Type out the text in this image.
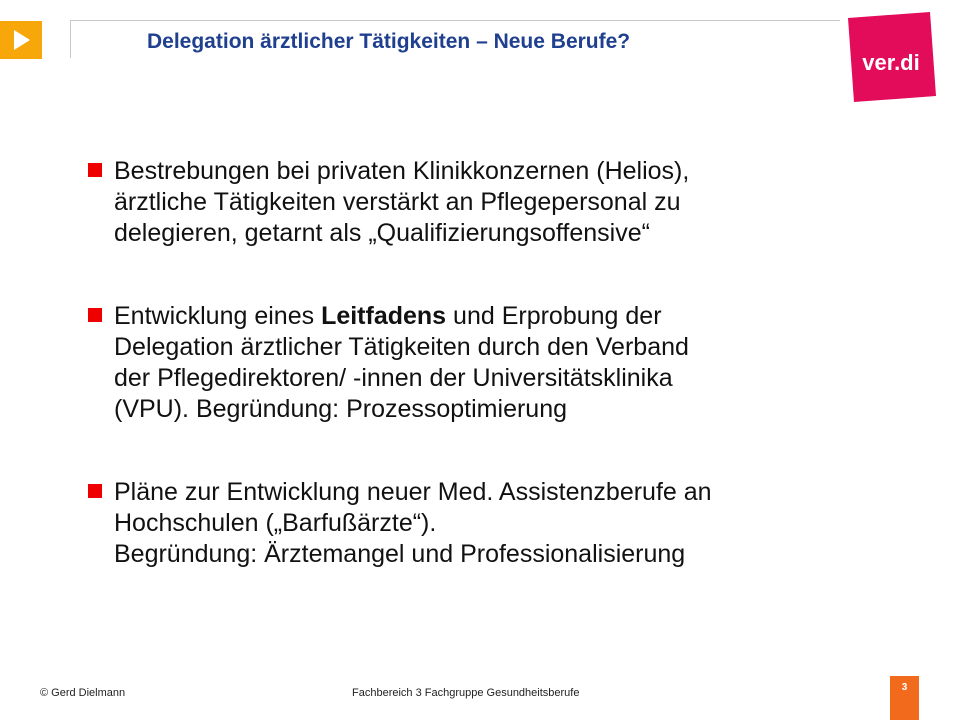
Delegation ärztlicher Tätigkeiten – Neue Berufe?
ver.di
Bestrebungen bei privaten Klinikkonzernen (Helios),
ärztliche Tätigkeiten verstärkt an Pflegepersonal zu
delegieren, getarnt als „Qualifizierungsoffensive“
Entwicklung eines Leitfadens und Erprobung der
Delegation ärztlicher Tätigkeiten durch den Verband
der Pflegedirektoren/ -innen der Universitätsklinika
(VPU). Begründung: Prozessoptimierung
Pläne zur Entwicklung neuer Med. Assistenzberufe an
Hochschulen („Barfußärzte“).
Begründung: Ärztemangel und Professionalisierung
© Gerd Dielmann	Fachbereich 3 Fachgruppe Gesundheitsberufe	3
